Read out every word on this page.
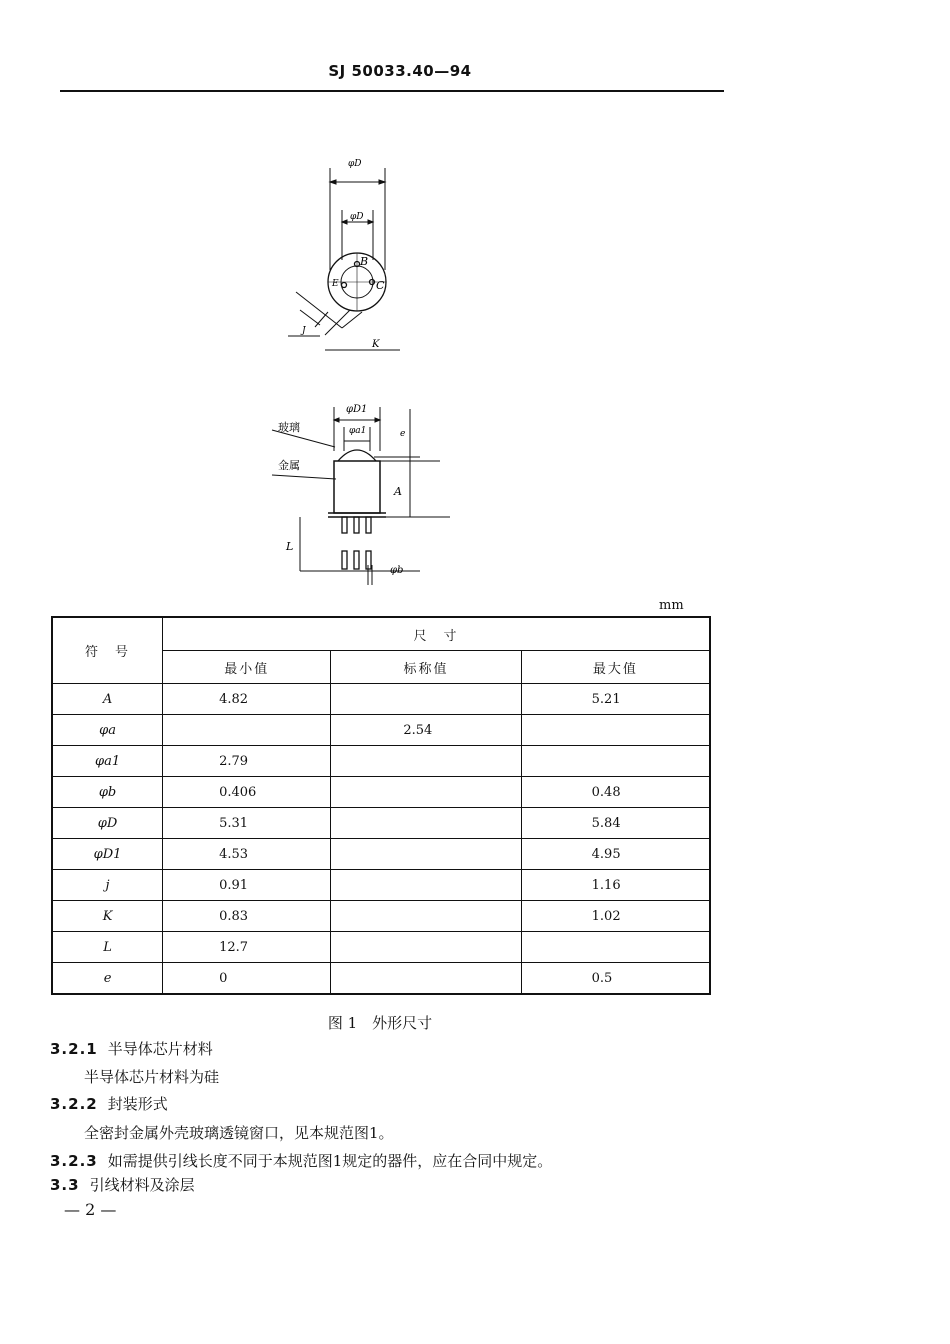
SJ 50033.40—94
φD
φD
B
C
E
J
K
φD1
φa1	e
玻璃
金属
A
L
φb
mm
符　号	尺　寸		
	最小值	标称值	最大值
A	4.82		5.21
φa		2.54	
φa1	2.79		
φb	0.406		0.48
φD	5.31		5.84
φD1	4.53		4.95
j	0.91		1.16
K	0.83		1.02
L	12.7		
e	0		0.5
图 1　外形尺寸
3.2.1 半导体芯片材料
半导体芯片材料为硅
3.2.2 封装形式
全密封金属外壳玻璃透镜窗口，见本规范图1。
3.2.3 如需提供引线长度不同于本规范图1规定的器件，应在合同中规定。
3.3 引线材料及涂层
— 2 —
